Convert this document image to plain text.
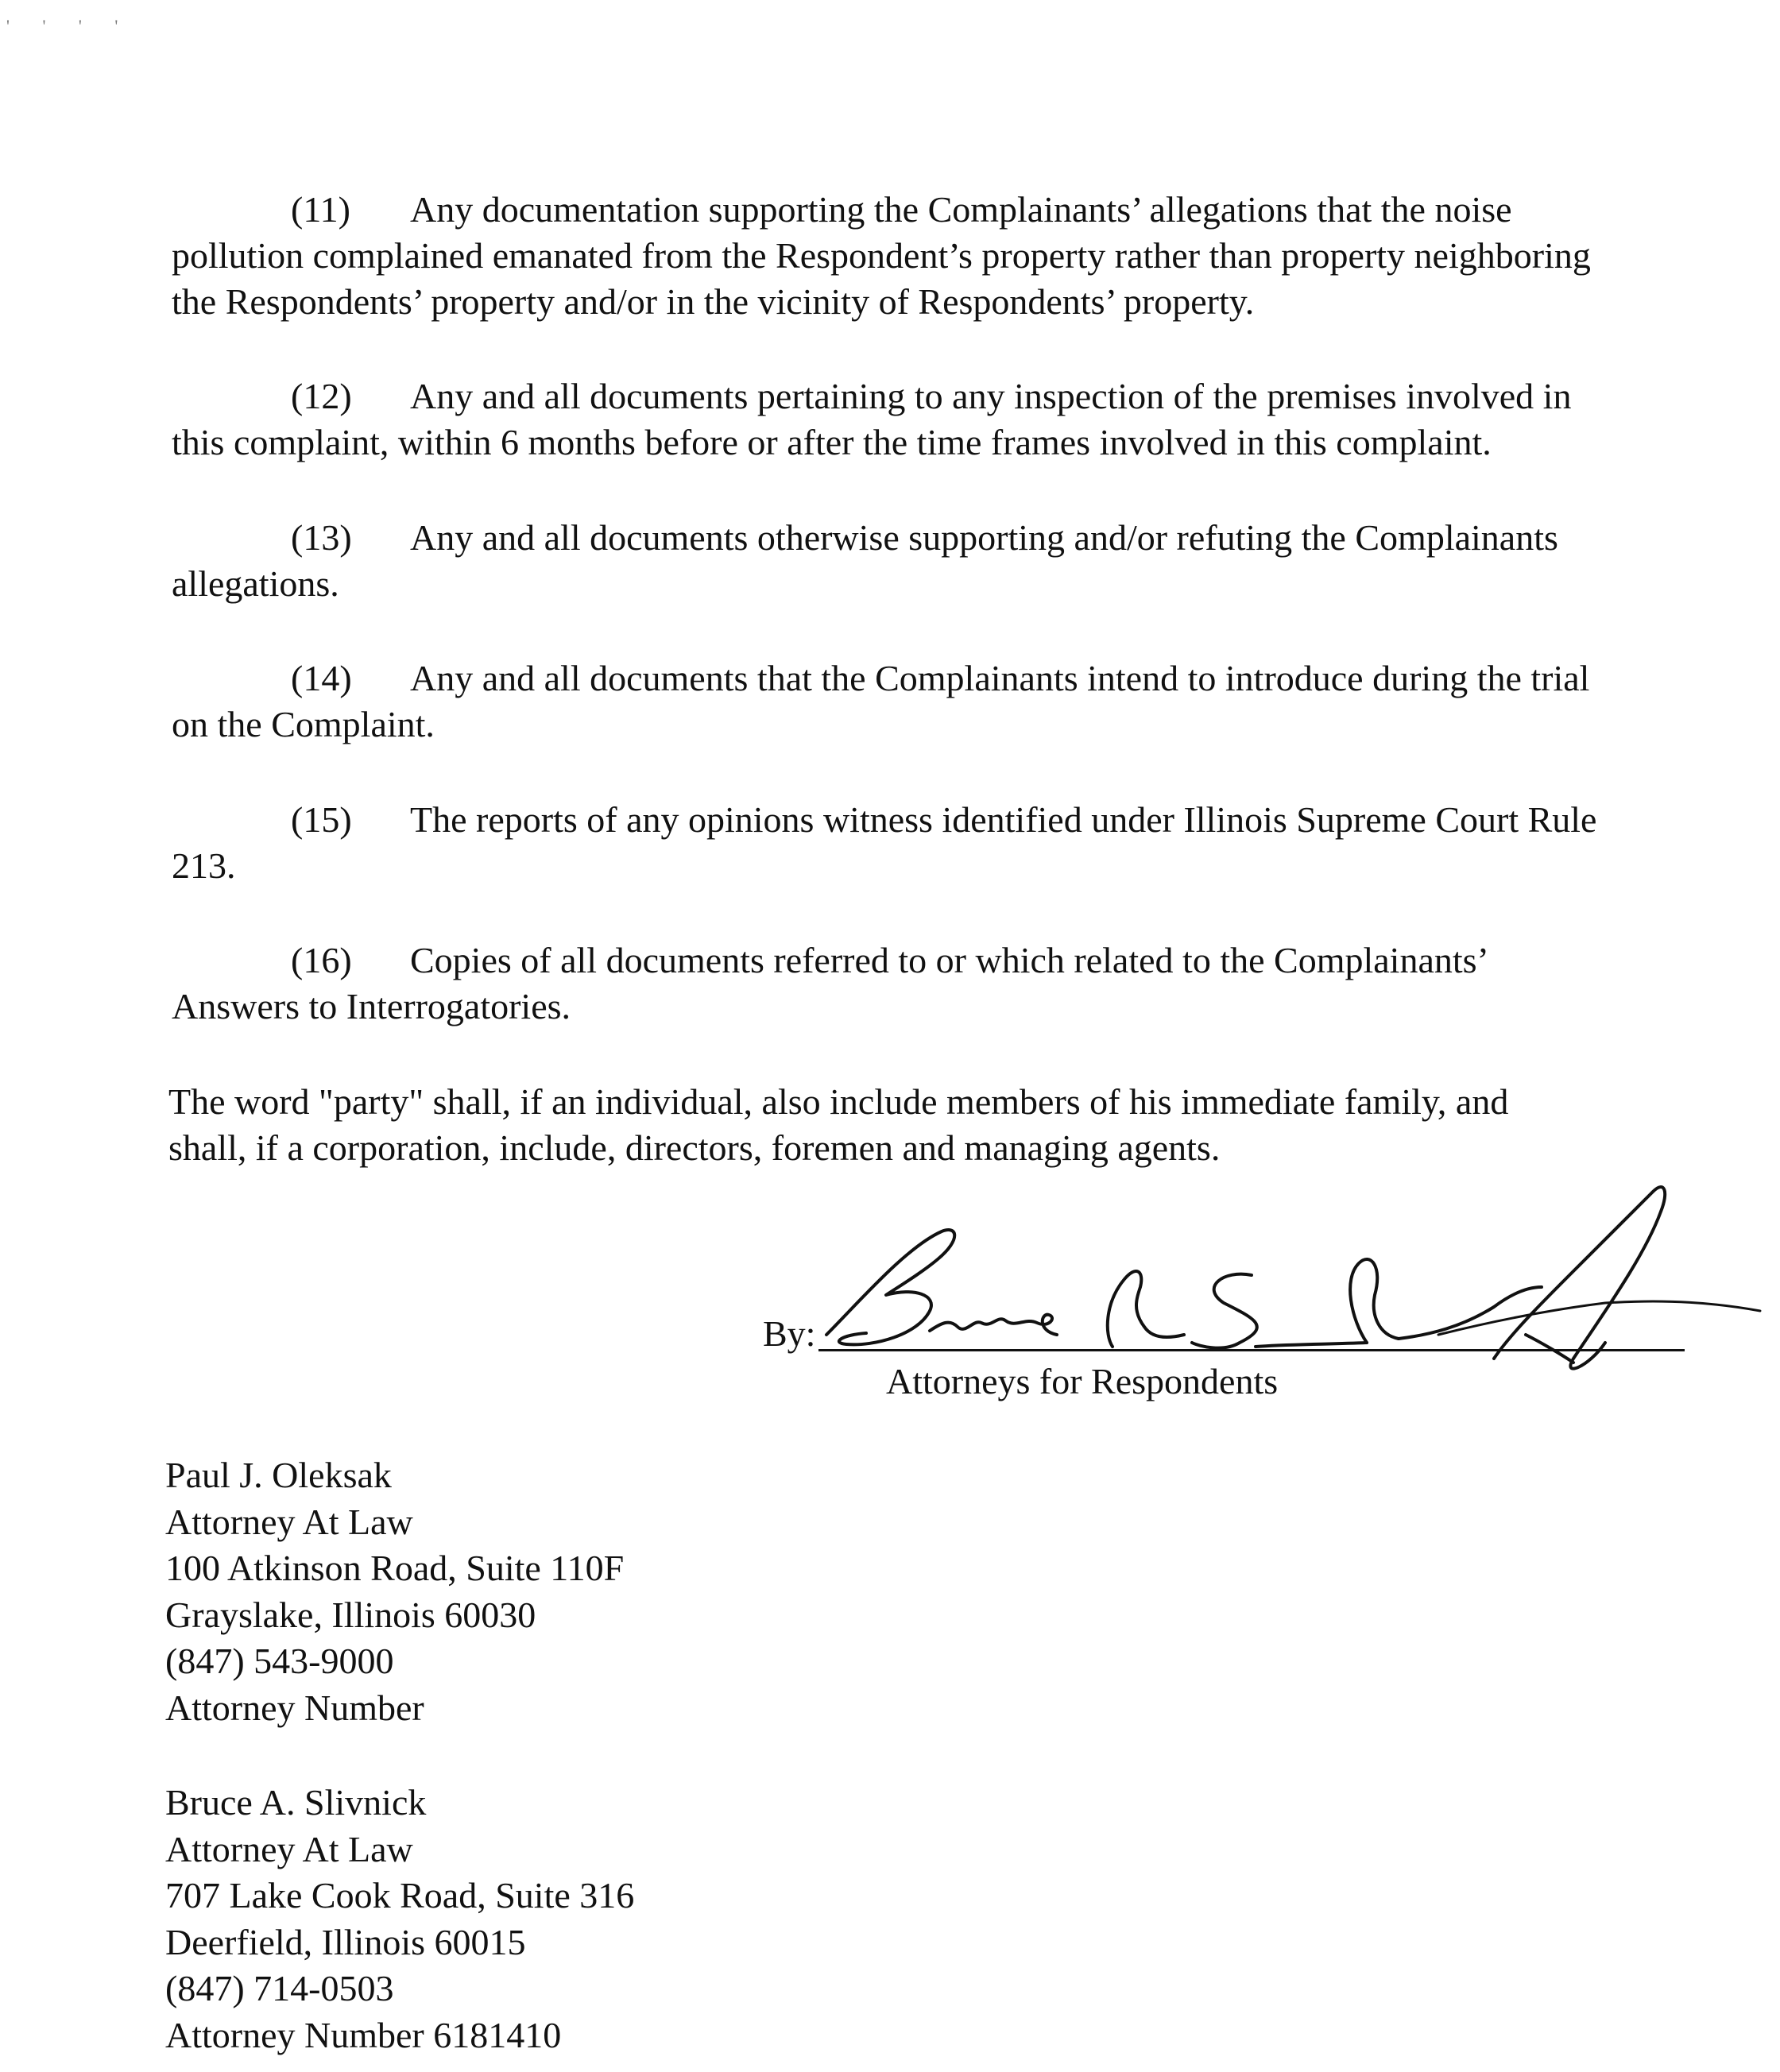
' ' ' '
(11) Any documentation supporting the Complainants’ allegations that the noise
pollution complained emanated from the Respondent’s property rather than property neighboring
the Respondents’ property and/or in the vicinity of Respondents’ property.
(12) Any and all documents pertaining to any inspection of the premises involved in
this complaint, within 6 months before or after the time frames involved in this complaint.
(13) Any and all documents otherwise supporting and/or refuting the Complainants
allegations.
(14) Any and all documents that the Complainants intend to introduce during the trial
on the Complaint.
(15) The reports of any opinions witness identified under Illinois Supreme Court Rule
213.
(16) Copies of all documents referred to or which related to the Complainants’
Answers to Interrogatories.
The word "party" shall, if an individual, also include members of his immediate family, and
shall, if a corporation, include, directors, foremen and managing agents.
By:
Attorneys for Respondents
Paul J. Oleksak
Attorney At Law
100 Atkinson Road, Suite 110F
Grayslake, Illinois 60030
(847) 543-9000
Attorney Number
Bruce A. Slivnick
Attorney At Law
707 Lake Cook Road, Suite 316
Deerfield, Illinois 60015
(847) 714-0503
Attorney Number 6181410
